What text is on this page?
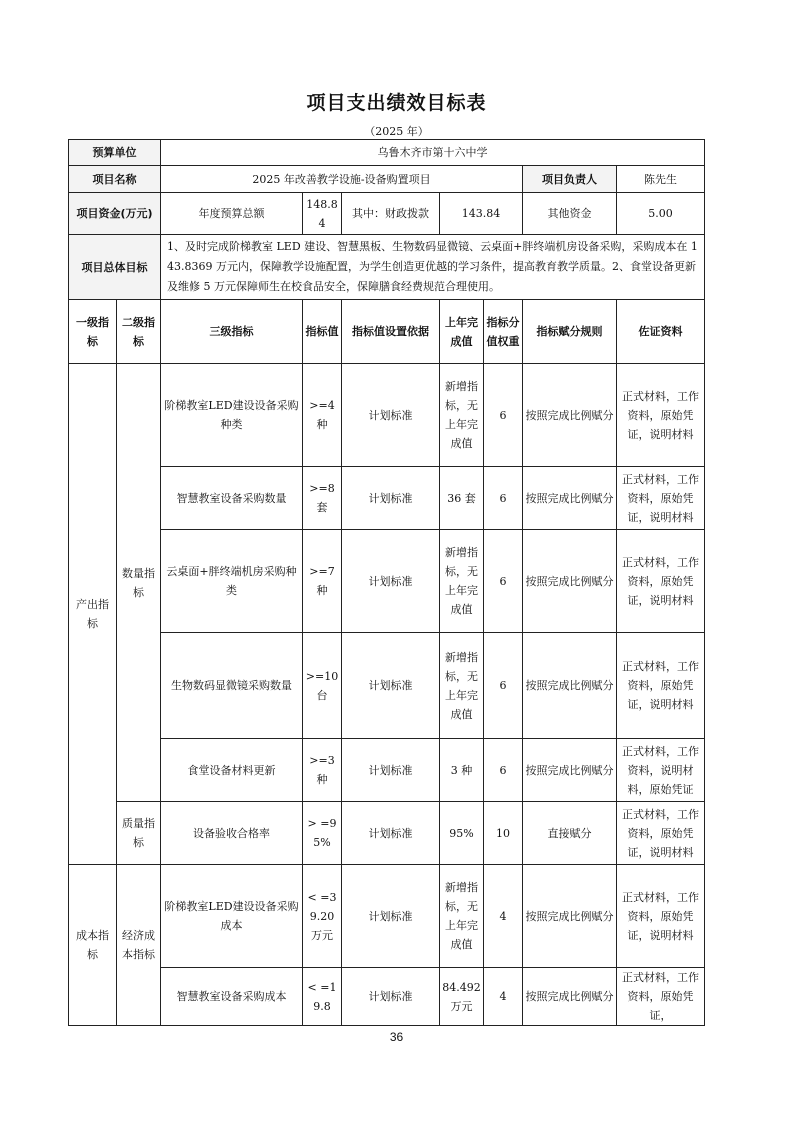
项目支出绩效目标表
（2025 年）
预算单位		乌鲁木齐市第十六中学						
项目名称		2025 年改善教学设施-设备购置项目					项目负责人	陈先生
项目资金(万元)		年度预算总额	148.84	其中：财政拨款	143.84		其他资金	5.00
项目总体目标		1、及时完成阶梯教室 LED 建设、智慧黑板、生物数码显微镜、云桌面+胖终端机房设备采购，采购成本在 143.8369 万元内，保障教学设施配置，为学生创造更优越的学习条件，提高教育教学质量。2、食堂设备更新及维修 5 万元保障师生在校食品安全，保障膳食经费规范合理使用。						
一级指标	二级指标	三级指标	指标值	指标值设置依据	上年完成值	指标分值权重	指标赋分规则	佐证资料
产出指标	数量指标	阶梯教室LED建设设备采购种类	>=4 种	计划标准	新增指标，无上年完成值	6	按照完成比例赋分	正式材料，工作资料，原始凭证，说明材料
		智慧教室设备采购数量	>=8 套	计划标准	36 套	6	按照完成比例赋分	正式材料，工作资料，原始凭证，说明材料
		云桌面+胖终端机房采购种类	>=7 种	计划标准	新增指标，无上年完成值	6	按照完成比例赋分	正式材料，工作资料，原始凭证，说明材料
		生物数码显微镜采购数量	>=10 台	计划标准	新增指标，无上年完成值	6	按照完成比例赋分	正式材料，工作资料，原始凭证，说明材料
		食堂设备材料更新	>=3 种	计划标准	3 种	6	按照完成比例赋分	正式材料，工作资料，说明材料，原始凭证
	质量指标	设备验收合格率	> =95%	计划标准	95%	10	直接赋分	正式材料，工作资料，原始凭证，说明材料
成本指标	经济成本指标	阶梯教室LED建设设备采购成本	< =39.20 万元	计划标准	新增指标，无上年完成值	4	按照完成比例赋分	正式材料，工作资料，原始凭证，说明材料
		智慧教室设备采购成本	< =19.8	计划标准	84.492 万元	4	按照完成比例赋分	正式材料，工作资料，原始凭证，
36
